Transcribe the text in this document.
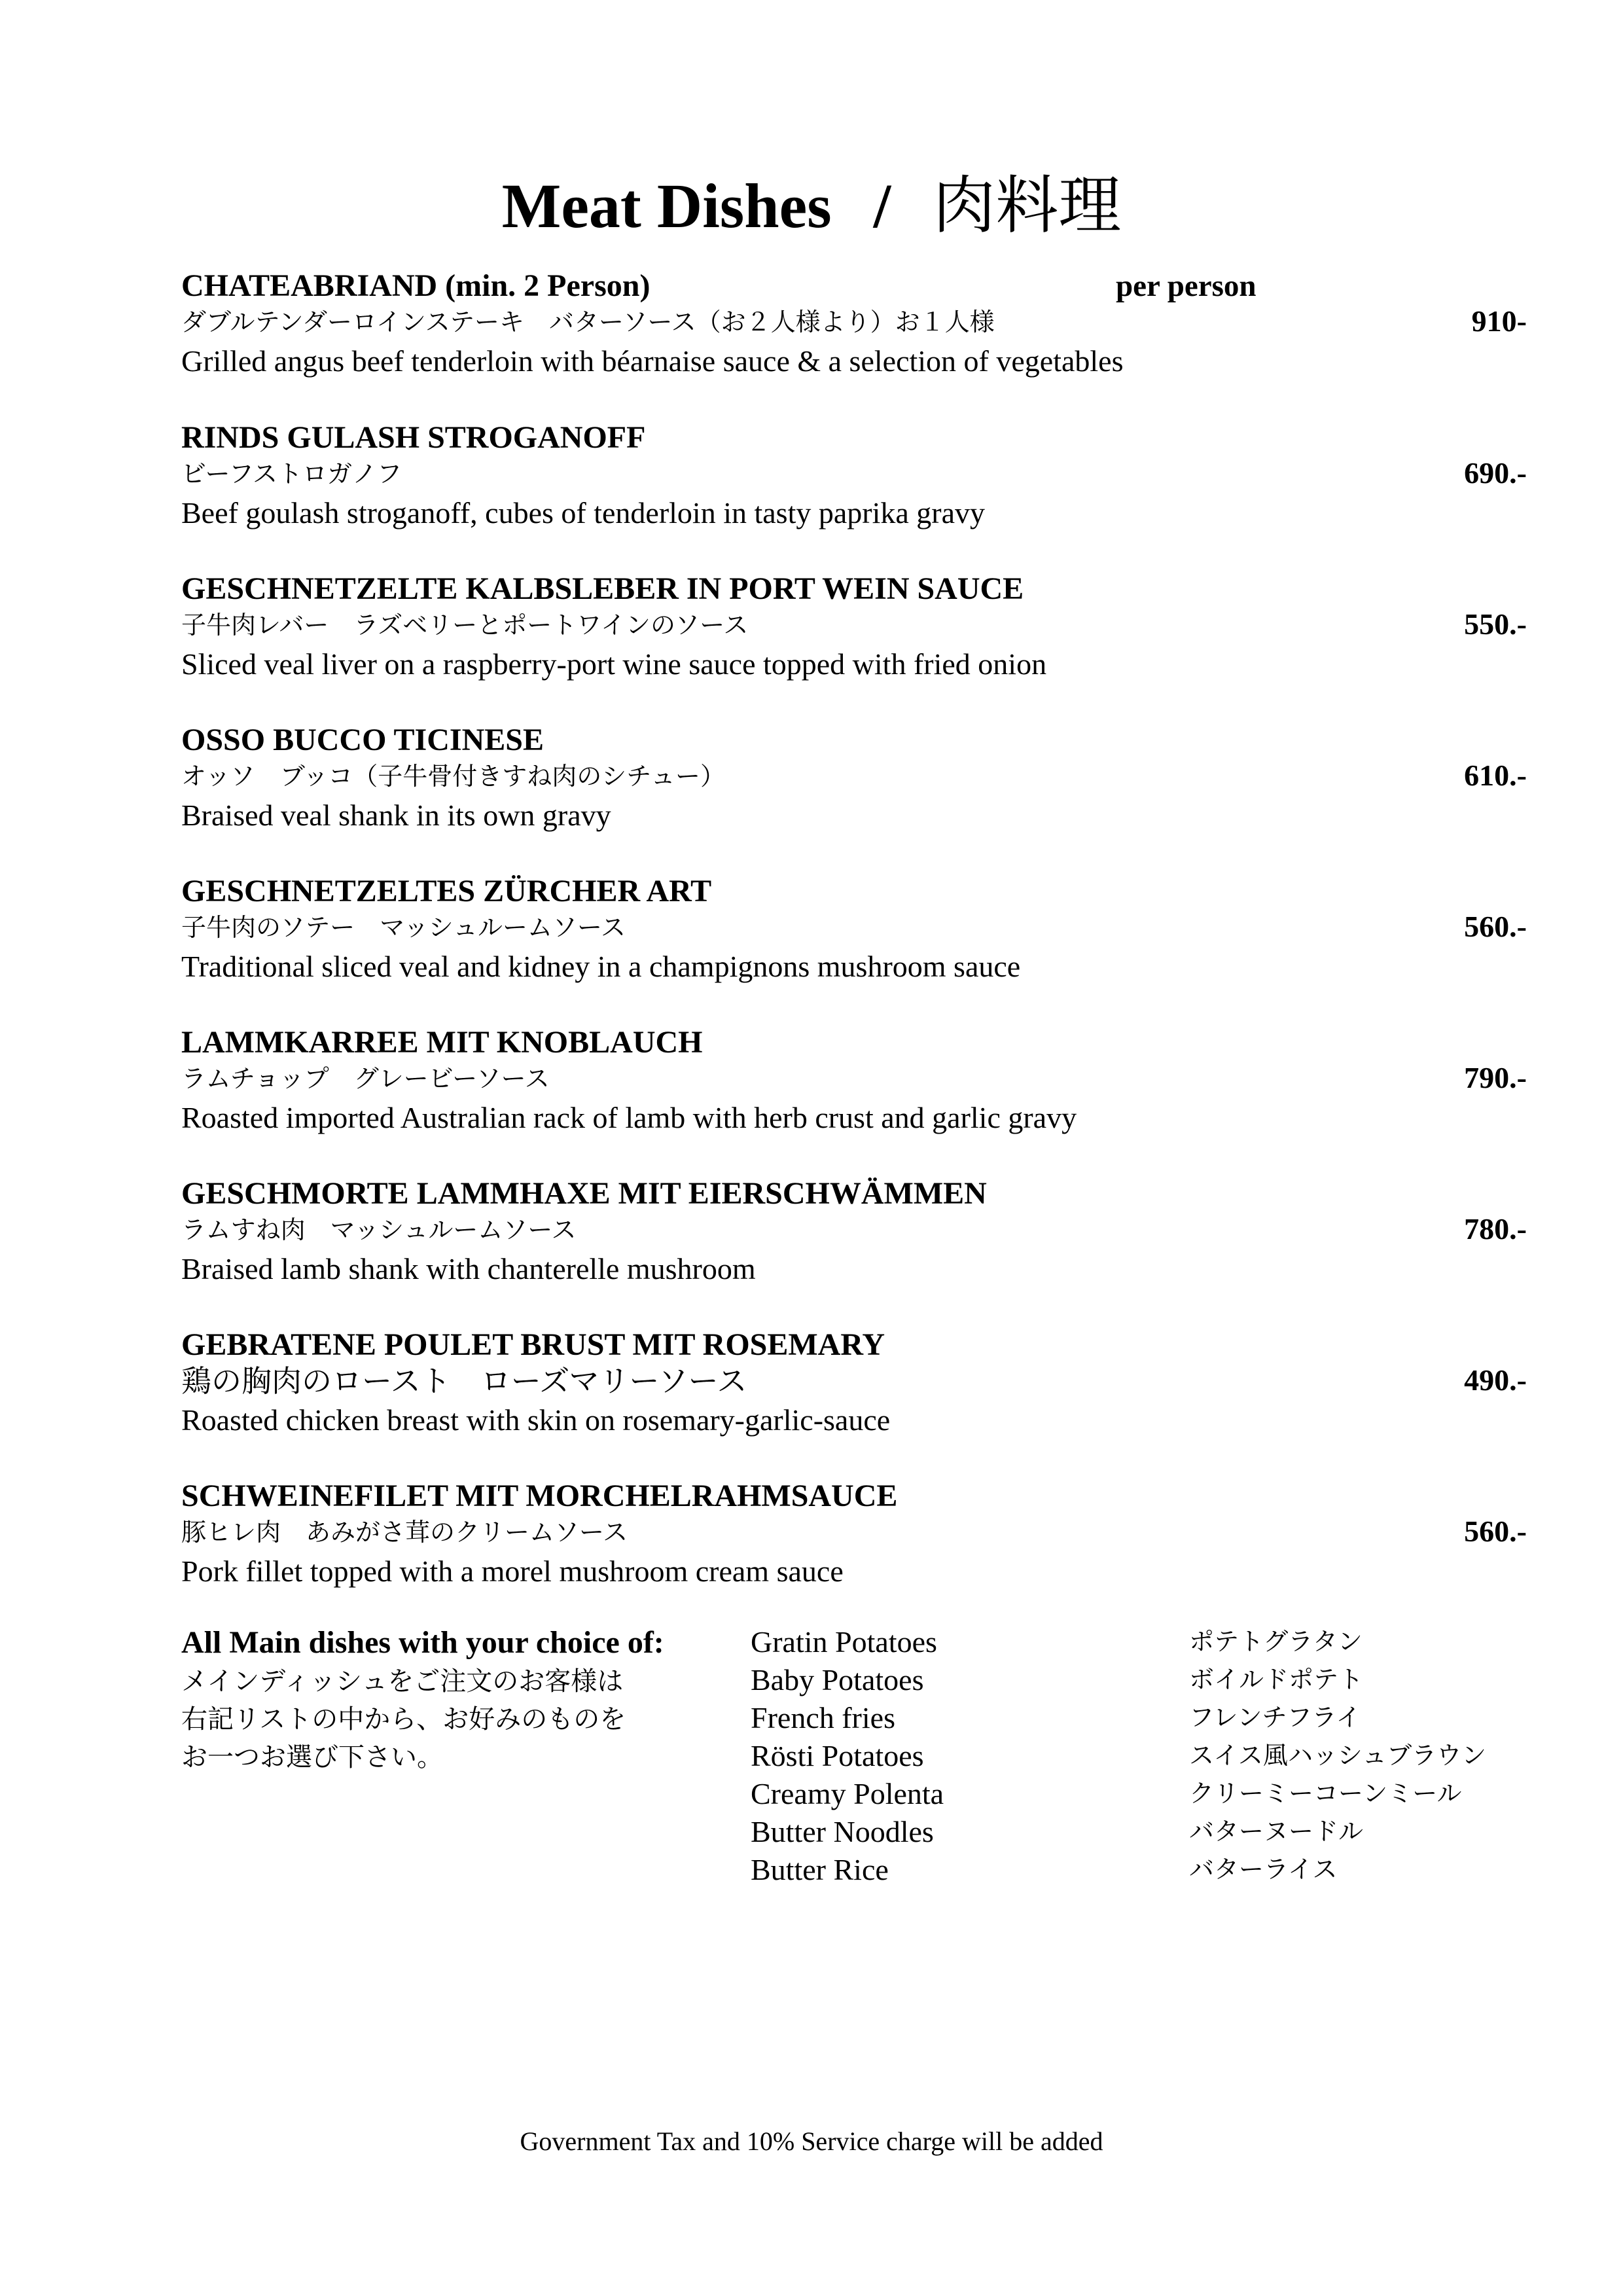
Meat Dishes / 肉料理
per person
CHATEABRIAND (min. 2 Person)
ダブルテンダーロインステーキ　バターソース（お２人様より）お１人様
Grilled angus beef tenderloin with béarnaise sauce & a selection of vegetables
910-
RINDS GULASH STROGANOFF
ビーフストロガノフ
Beef goulash stroganoff, cubes of tenderloin in tasty paprika gravy
690.-
GESCHNETZELTE KALBSLEBER IN PORT WEIN SAUCE
子牛肉レバー　ラズベリーとポートワインのソース
Sliced veal liver on a raspberry-port wine sauce topped with fried onion
550.-
OSSO BUCCO TICINESE
オッソ　ブッコ（子牛骨付きすね肉のシチュー）
Braised veal shank in its own gravy
610.-
GESCHNETZELTES ZÜRCHER ART
子牛肉のソテー　マッシュルームソース
Traditional sliced veal and kidney in a champignons mushroom sauce
560.-
LAMMKARREE MIT KNOBLAUCH
ラムチョップ　グレービーソース
Roasted imported Australian rack of lamb with herb crust and garlic gravy
790.-
GESCHMORTE LAMMHAXE MIT EIERSCHWÄMMEN
ラムすね肉　マッシュルームソース
Braised lamb shank with chanterelle mushroom
780.-
GEBRATENE POULET BRUST MIT ROSEMARY
鶏の胸肉のロースト　ローズマリーソース
Roasted chicken breast with skin on rosemary-garlic-sauce
490.-
SCHWEINEFILET MIT MORCHELRAHMSAUCE
豚ヒレ肉　あみがさ茸のクリームソース
Pork fillet topped with a morel mushroom cream sauce
560.-
All Main dishes with your choice of:
メインディッシュをご注文のお客様は
右記リストの中から、お好みのものを
お一つお選び下さい。
Gratin Potatoes
Baby Potatoes
French fries
Rösti Potatoes
Creamy Polenta
Butter Noodles
Butter Rice
ポテトグラタン
ボイルドポテト
フレンチフライ
スイス風ハッシュブラウン
クリーミーコーンミール
バターヌードル
バターライス
Government Tax and 10% Service charge will be added
